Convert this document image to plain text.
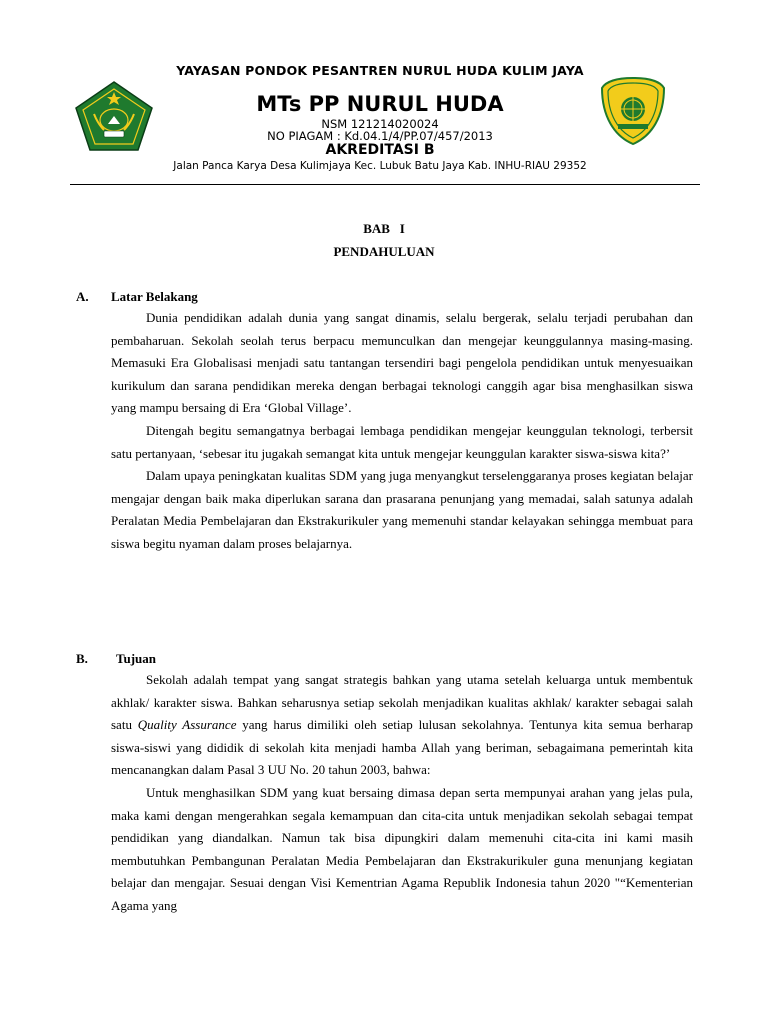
YAYASAN PONDOK PESANTREN NURUL HUDA KULIM JAYA
MTs PP NURUL HUDA
NSM 121214020024
NO PIAGAM : Kd.04.1/4/PP.07/457/2013
AKREDITASI B
Jalan Panca Karya Desa Kulimjaya Kec. Lubuk Batu Jaya Kab. INHU-RIAU 29352
BAB   I
PENDAHULUAN
A. Latar Belakang

Dunia pendidikan adalah dunia yang sangat dinamis, selalu bergerak, selalu terjadi perubahan dan pembaharuan. Sekolah seolah terus berpacu memunculkan dan mengejar keunggulannya masing-masing. Memasuki Era Globalisasi menjadi satu tantangan tersendiri bagi pengelola pendidikan untuk menyesuaikan kurikulum dan sarana pendidikan mereka dengan berbagai teknologi canggih agar bisa menghasilkan siswa yang mampu bersaing di Era ‘Global Village’.

Ditengah begitu semangatnya berbagai lembaga pendidikan mengejar keunggulan teknologi, terbersit satu pertanyaan, ‘sebesar itu jugakah semangat kita untuk mengejar keunggulan karakter siswa-siswa kita?’

Dalam upaya peningkatan kualitas SDM yang juga menyangkut terselenggaranya proses kegiatan belajar mengajar dengan baik maka diperlukan sarana dan prasarana penunjang yang memadai, salah satunya adalah Peralatan Media Pembelajaran dan Ekstrakurikuler yang memenuhi standar kelayakan sehingga membuat para siswa begitu nyaman dalam proses belajarnya.

B. Tujuan

Sekolah adalah tempat yang sangat strategis bahkan yang utama setelah keluarga untuk membentuk akhlak/ karakter siswa. Bahkan seharusnya setiap sekolah menjadikan kualitas akhlak/ karakter sebagai salah satu Quality Assurance yang harus dimiliki oleh setiap lulusan sekolahnya. Tentunya kita semua berharap siswa-siswi yang dididik di sekolah kita menjadi hamba Allah yang beriman, sebagaimana pemerintah kita mencanangkan dalam Pasal 3 UU No. 20 tahun 2003, bahwa:

Untuk menghasilkan SDM yang kuat bersaing dimasa depan serta mempunyai arahan yang jelas pula, maka kami dengan mengerahkan segala kemampuan dan cita-cita untuk menjadikan sekolah sebagai tempat pendidikan yang diandalkan. Namun tak bisa dipungkiri dalam memenuhi cita-cita ini kami masih membutuhkan Pembangunan Peralatan Media Pembelajaran dan Ekstrakurikuler guna menunjang kegiatan belajar dan mengajar. Sesuai dengan Visi Kementrian Agama Republik Indonesia tahun 2020 "“Kementerian Agama yang
